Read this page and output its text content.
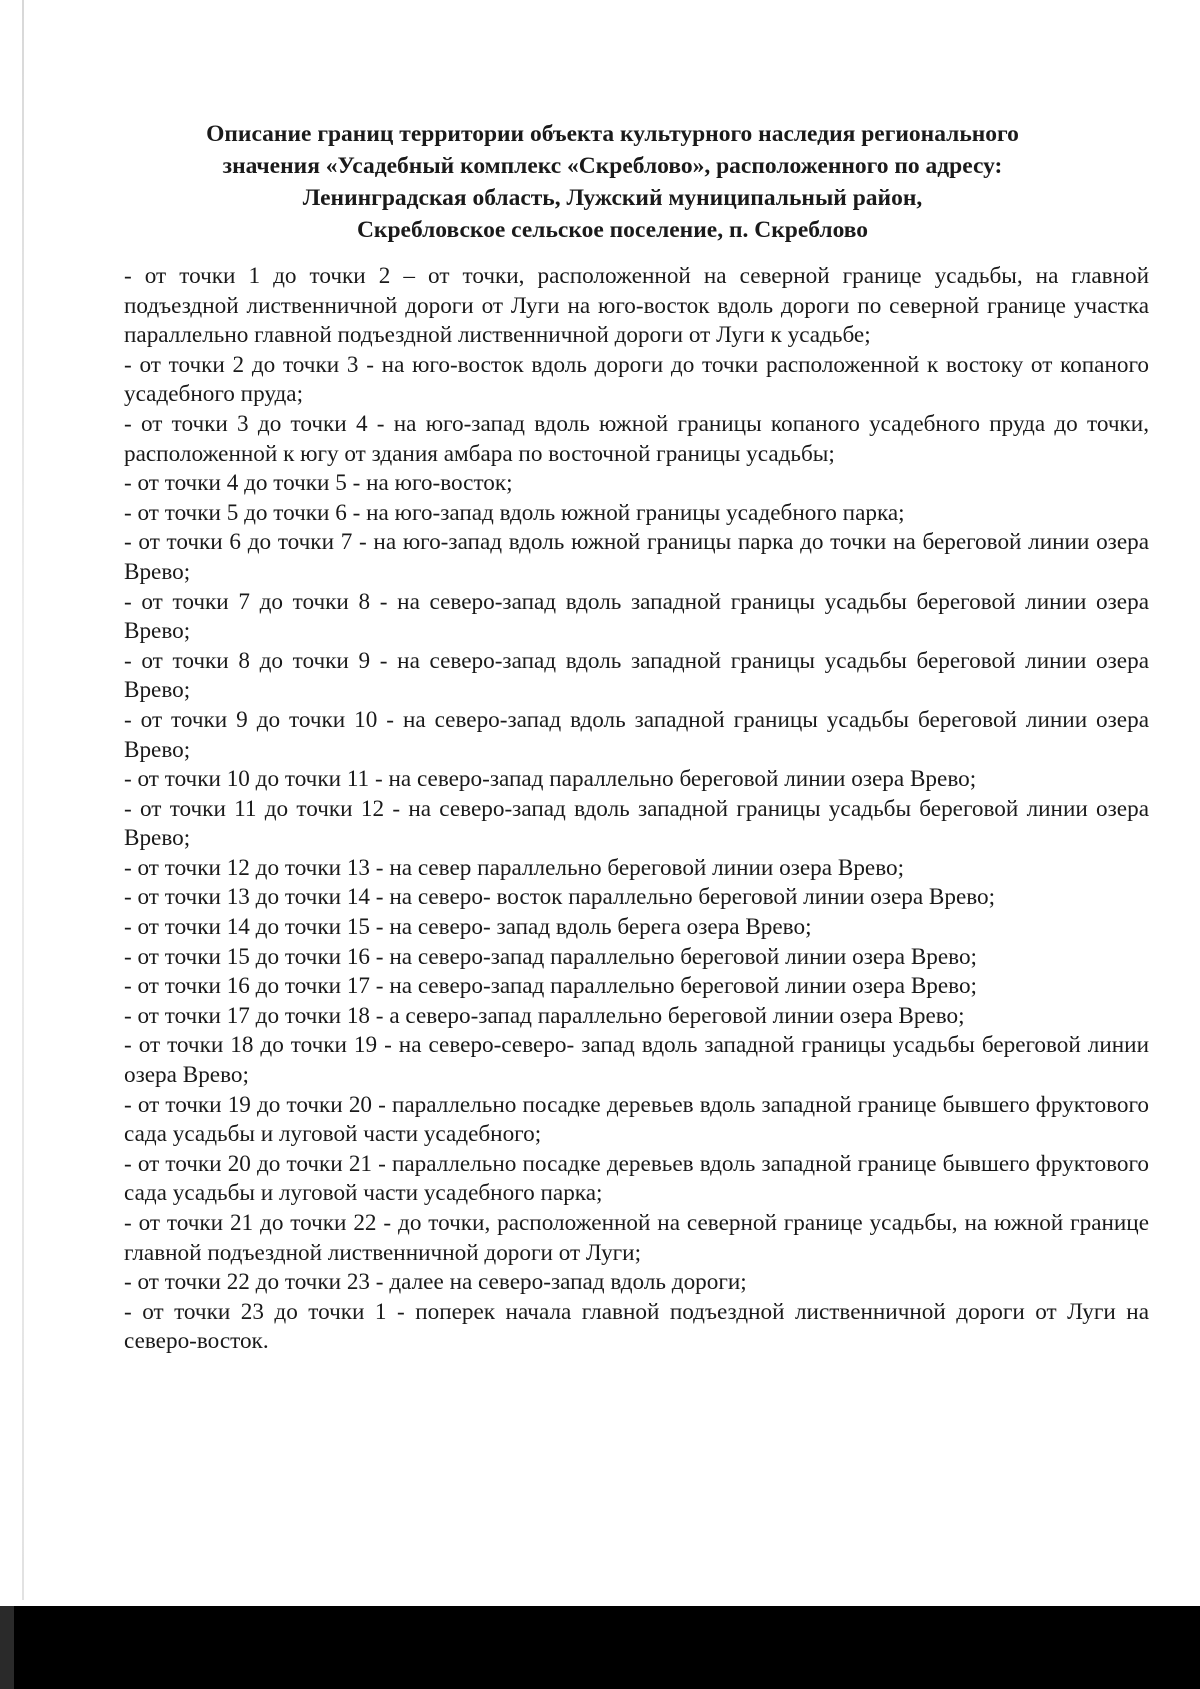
Описание границ территории объекта культурного наследия регионального
значения «Усадебный комплекс «Скреблово», расположенного по адресу:
Ленинградская область, Лужский муниципальный район,
Скребловское сельское поселение, п. Скреблово

- от точки 1 до точки 2 – от точки, расположенной на северной границе усадьбы, на главной подъездной лиственничной дороги от Луги на юго-восток вдоль дороги по северной границе участка параллельно главной подъездной лиственничной дороги от Луги к усадьбе;

- от точки 2 до точки 3 - на юго-восток вдоль дороги до точки расположенной к востоку от копаного усадебного пруда;

- от точки 3 до точки 4 - на юго-запад вдоль южной границы копаного усадебного пруда до точки, расположенной к югу от здания амбара по восточной границы усадьбы;

- от точки 4 до точки 5 - на юго-восток;

- от точки 5 до точки 6 - на юго-запад вдоль южной границы усадебного парка;

- от точки 6 до точки 7 - на юго-запад вдоль южной границы парка до точки на береговой линии озера Врево;

- от точки 7 до точки 8 - на северо-запад вдоль западной границы усадьбы береговой линии озера Врево;

- от точки 8 до точки 9 - на северо-запад вдоль западной границы усадьбы береговой линии озера Врево;

- от точки 9 до точки 10 - на северо-запад вдоль западной границы усадьбы береговой линии озера Врево;

- от точки 10 до точки 11 - на северо-запад параллельно береговой линии озера Врево;

- от точки 11 до точки 12 - на северо-запад вдоль западной границы усадьбы береговой линии озера Врево;

- от точки 12 до точки 13 - на север параллельно береговой линии озера Врево;

- от точки 13 до точки 14 - на северо- восток параллельно береговой линии озера Врево;

- от точки 14 до точки 15 - на северо- запад вдоль берега озера Врево;

- от точки 15 до точки 16 - на северо-запад параллельно береговой линии озера Врево;

- от точки 16 до точки 17 - на северо-запад параллельно береговой линии озера Врево;

- от точки 17 до точки 18 - а северо-запад параллельно береговой линии озера Врево;

- от точки 18 до точки 19 - на северо-северо- запад вдоль западной границы усадьбы береговой линии озера Врево;

- от точки 19 до точки 20 - параллельно посадке деревьев вдоль западной границе бывшего фруктового сада усадьбы и луговой части усадебного;

- от точки 20 до точки 21 - параллельно посадке деревьев вдоль западной границе бывшего фруктового сада усадьбы и луговой части усадебного парка;

- от точки 21 до точки 22 - до точки, расположенной на северной границе усадьбы, на южной границе главной подъездной лиственничной дороги от Луги;

- от точки 22 до точки 23 - далее на северо-запад вдоль дороги;

- от точки 23 до точки 1 - поперек начала главной подъездной лиственничной дороги от Луги на северо-восток.
